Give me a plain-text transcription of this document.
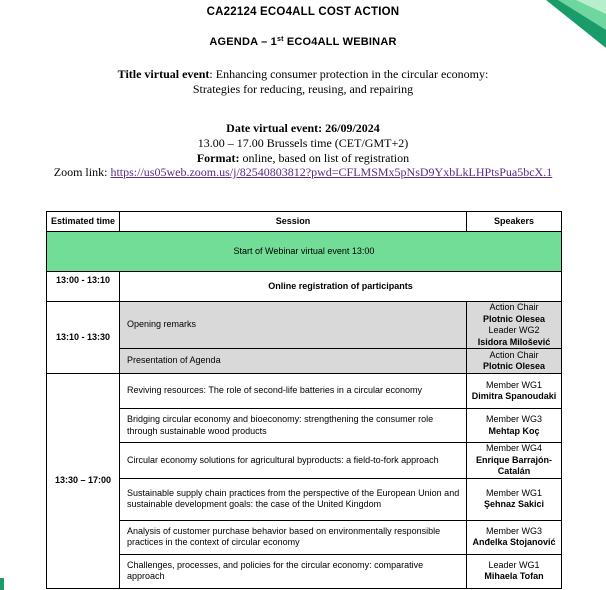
CA22124 ECO4ALL COST ACTION
AGENDA – 1st ECO4ALL WEBINAR
Title virtual event: Enhancing consumer protection in the circular economy:
Strategies for reducing, reusing, and repairing
Date virtual event: 26/09/2024
13.00 – 17.00 Brussels time (CET/GMT+2)
Format: online, based on list of registration
Zoom link: https://us05web.zoom.us/j/82540803812?pwd=CFLMSMx5pNsD9YxbLkLHPtsPua5bcX.1
Estimated time	Session	Speakers
Start of Webinar virtual event 13:00		
13:00 - 13:10	Online registration of participants	
13:10 - 13:30	Opening remarks	Action Chair
Plotnic Olesea
Leader WG2
Isidora Milošević

	Presentation of Agenda	Action Chair
Plotnic Olesea

13:30 – 17:00	Reviving resources: The role of second-life batteries in a circular economy	Member WG1
Dimitra Spanoudaki

	Bridging circular economy and bioeconomy: strengthening the consumer role through sustainable wood products	Member WG3
Mehtap Koç

	Circular economy solutions for agricultural byproducts: a field-to-fork approach	Member WG4
Enrique Barrajón-Catalán

	Sustainable supply chain practices from the perspective of the European Union and sustainable development goals: the case of the United Kingdom	Member WG1
Şehnaz Sakici

	Analysis of customer purchase behavior based on environmentally responsible practices in the context of circular economy	Member WG3
Anđelka Stojanović

	Challenges, processes, and policies for the circular economy: comparative approach	Leader WG1
Mihaela Tofan
